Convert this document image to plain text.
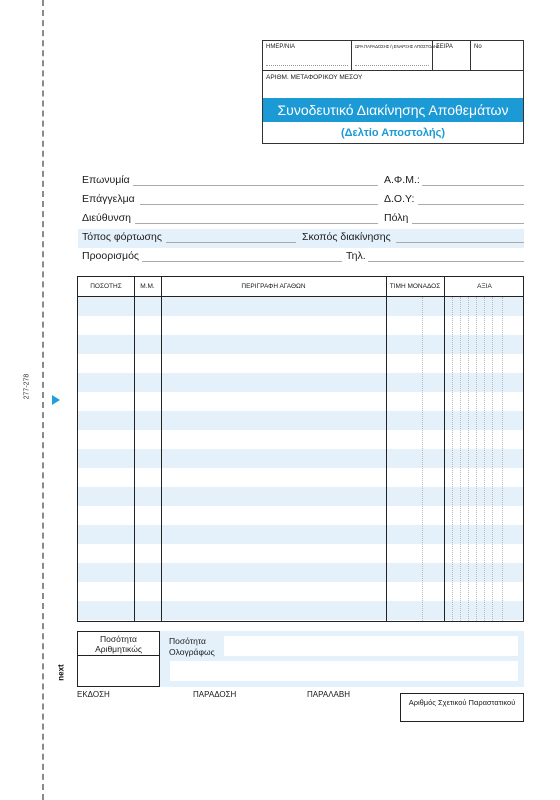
277-278
next
ΗΜΕΡ/ΝΙΑ	ΩΡΑ ΠΑΡΑΔΟΣΗΣ ή ΕΝΑΡΞΗΣ ΑΠΟΣΤΟΛΗΣ
ΣΕΙΡΑ	No
ΑΡΙΘΜ. ΜΕΤΑΦΟΡΙΚΟΥ ΜΕΣΟΥ
Συνοδευτικό Διακίνησης Αποθεμάτων
(Δελτίο Αποστολής)
Επωνυμία	Α.Φ.Μ.:
Επάγγελμα	Δ.Ο.Υ:
Διεύθυνση	Πόλη
Τόπος φόρτωσης	Σκοπός διακίνησης
Προορισμός	Τηλ.
ΠΟΣΟΤΗΣ	Μ.Μ.	ΠΕΡΙΓΡΑΦΗ ΑΓΑΘΩΝ	ΤΙΜΗ ΜΟΝΑΔΟΣ	ΑΞΙΑ
Ποσότητα Αριθμητικώς
Ποσότητα Ολογράφως
ΕΚΔΟΣΗ	ΠΑΡΑΔΟΣΗ	ΠΑΡΑΛΑΒΗ
Αριθμός Σχετικού Παραστατικού
